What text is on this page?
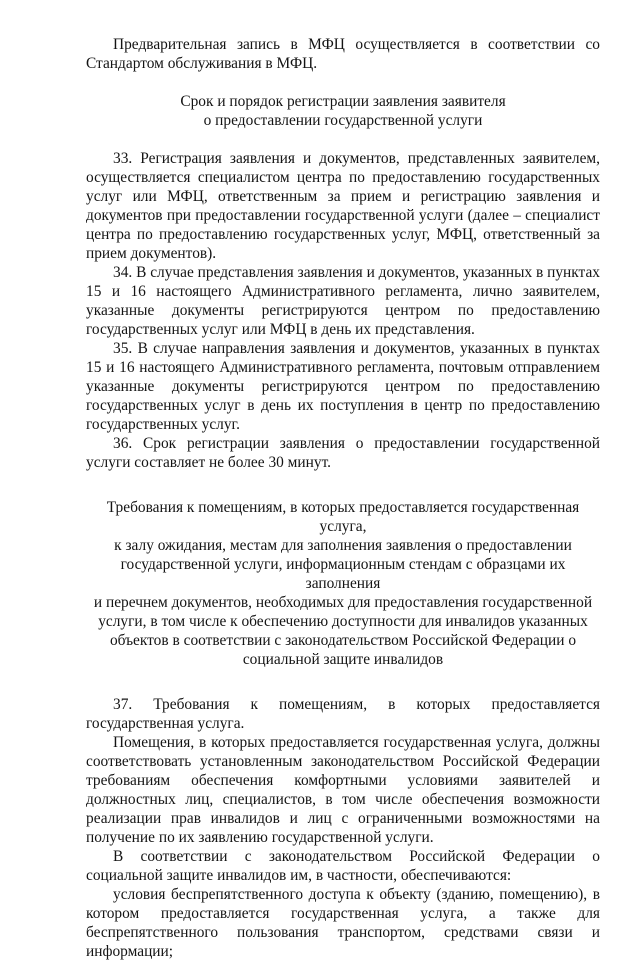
Предварительная запись в МФЦ осуществляется в соответствии со Стандартом обслуживания в МФЦ.

Срок и порядок регистрации заявления заявителя
о предоставлении государственной услуги

33. Регистрация заявления и документов, представленных заявителем, осуществляется специалистом центра по предоставлению государственных услуг или МФЦ, ответственным за прием и регистрацию заявления и документов при предоставлении государственной услуги (далее – специалист центра по предоставлению государственных услуг, МФЦ, ответственный за прием документов).

34. В случае представления заявления и документов, указанных в пунктах 15 и 16 настоящего Административного регламента, лично заявителем, указанные документы регистрируются центром по предоставлению государственных услуг или МФЦ в день их представления.

35. В случае направления заявления и документов, указанных в пунктах 15 и 16 настоящего Административного регламента, почтовым отправлением указанные документы регистрируются центром по предоставлению государственных услуг в день их поступления в центр по предоставлению государственных услуг.

36. Срок регистрации заявления о предоставлении государственной услуги составляет не более 30 минут.

Требования к помещениям, в которых предоставляется государственная услуга,
к залу ожидания, местам для заполнения заявления о предоставлении
государственной услуги, информационным стендам с образцами их заполнения
и перечнем документов, необходимых для предоставления государственной
услуги, в том числе к обеспечению доступности для инвалидов указанных
объектов в соответствии с законодательством Российской Федерации о
социальной защите инвалидов

37. Требования к помещениям, в которых предоставляется государственная услуга.

Помещения, в которых предоставляется государственная услуга, должны соответствовать установленным законодательством Российской Федерации требованиям обеспечения комфортными условиями заявителей и должностных лиц, специалистов, в том числе обеспечения возможности реализации прав инвалидов и лиц с ограниченными возможностями на получение по их заявлению государственной услуги.

В соответствии с законодательством Российской Федерации о социальной защите инвалидов им, в частности, обеспечиваются:

условия беспрепятственного доступа к объекту (зданию, помещению), в котором предоставляется государственная услуга, а также для беспрепятственного пользования транспортом, средствами связи и информации;
